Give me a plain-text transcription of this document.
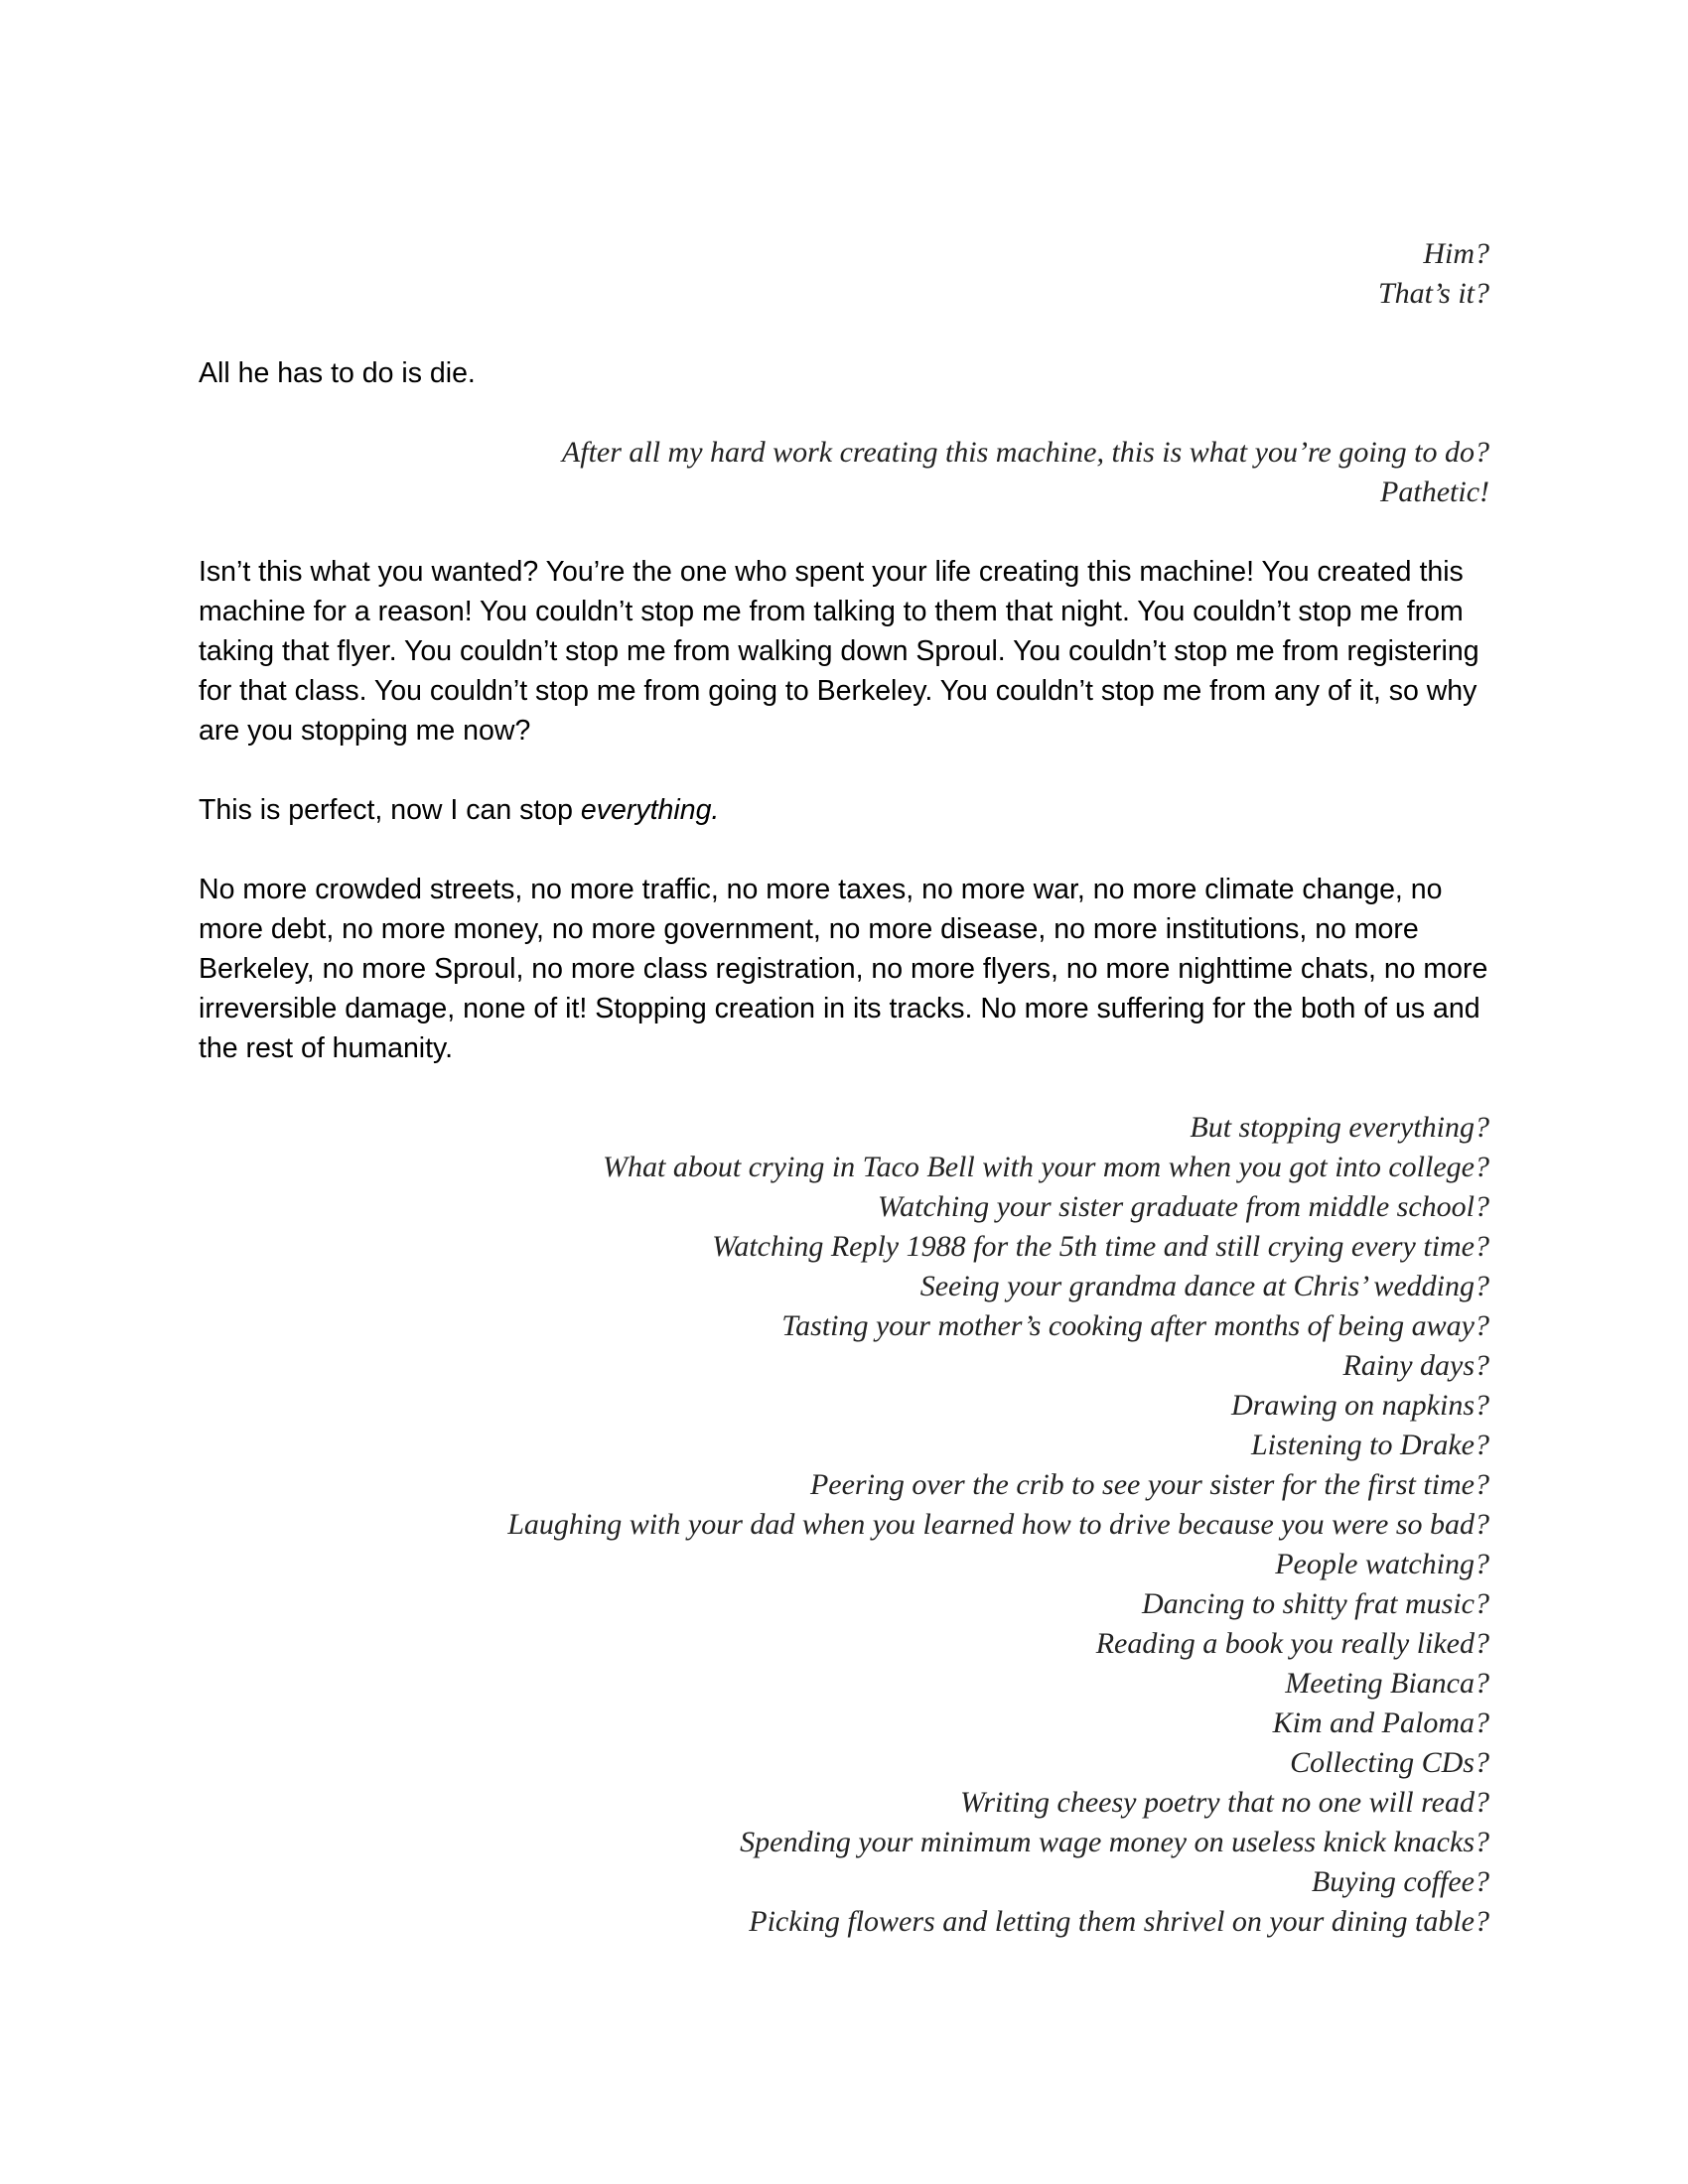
Him?
That’s it?

All he has to do is die.

After all my hard work creating this machine, this is what you’re going to do?
Pathetic!

Isn’t this what you wanted? You’re the one who spent your life creating this machine! You created this machine for a reason! You couldn’t stop me from talking to them that night. You couldn’t stop me from taking that flyer. You couldn’t stop me from walking down Sproul. You couldn’t stop me from registering for that class. You couldn’t stop me from going to Berkeley. You couldn’t stop me from any of it, so why are you stopping me now?

This is perfect, now I can stop everything.

No more crowded streets, no more traffic, no more taxes, no more war, no more climate change, no more debt, no more money, no more government, no more disease, no more institutions, no more Berkeley, no more Sproul, no more class registration, no more flyers, no more nighttime chats, no more irreversible damage, none of it! Stopping creation in its tracks. No more suffering for the both of us and the rest of humanity.

But stopping everything?
What about crying in Taco Bell with your mom when you got into college?
Watching your sister graduate from middle school?
Watching Reply 1988 for the 5th time and still crying every time?
Seeing your grandma dance at Chris’ wedding?
Tasting your mother’s cooking after months of being away?
Rainy days?
Drawing on napkins?
Listening to Drake?
Peering over the crib to see your sister for the first time?
Laughing with your dad when you learned how to drive because you were so bad?
People watching?
Dancing to shitty frat music?
Reading a book you really liked?
Meeting Bianca?
Kim and Paloma?
Collecting CDs?
Writing cheesy poetry that no one will read?
Spending your minimum wage money on useless knick knacks?
Buying coffee?
Picking flowers and letting them shrivel on your dining table?
